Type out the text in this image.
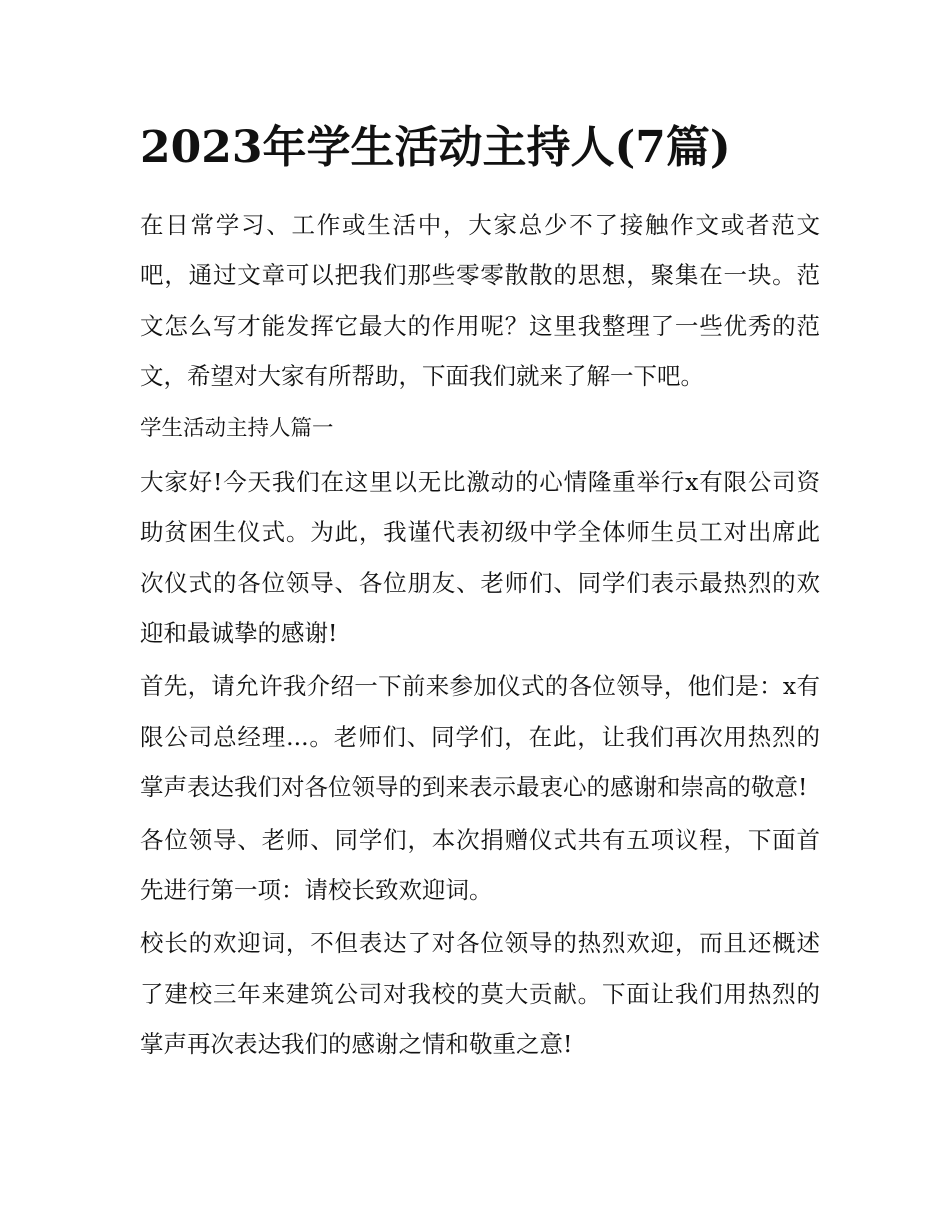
2023年学生活动主持人(7篇)

在日常学习、工作或生活中，大家总少不了接触作文或者范文吧，通过文章可以把我们那些零零散散的思想，聚集在一块。范文怎么写才能发挥它最大的作用呢？这里我整理了一些优秀的范文，希望对大家有所帮助，下面我们就来了解一下吧。

学生活动主持人篇一

大家好!今天我们在这里以无比激动的心情隆重举行x有限公司资助贫困生仪式。为此，我谨代表初级中学全体师生员工对出席此次仪式的各位领导、各位朋友、老师们、同学们表示最热烈的欢迎和最诚挚的感谢!

首先，请允许我介绍一下前来参加仪式的各位领导，他们是：x有限公司总经理...。老师们、同学们，在此，让我们再次用热烈的掌声表达我们对各位领导的到来表示最衷心的感谢和崇高的敬意!

各位领导、老师、同学们，本次捐赠仪式共有五项议程，下面首先进行第一项：请校长致欢迎词。

校长的欢迎词，不但表达了对各位领导的热烈欢迎，而且还概述了建校三年来建筑公司对我校的莫大贡献。下面让我们用热烈的掌声再次表达我们的感谢之情和敬重之意!
